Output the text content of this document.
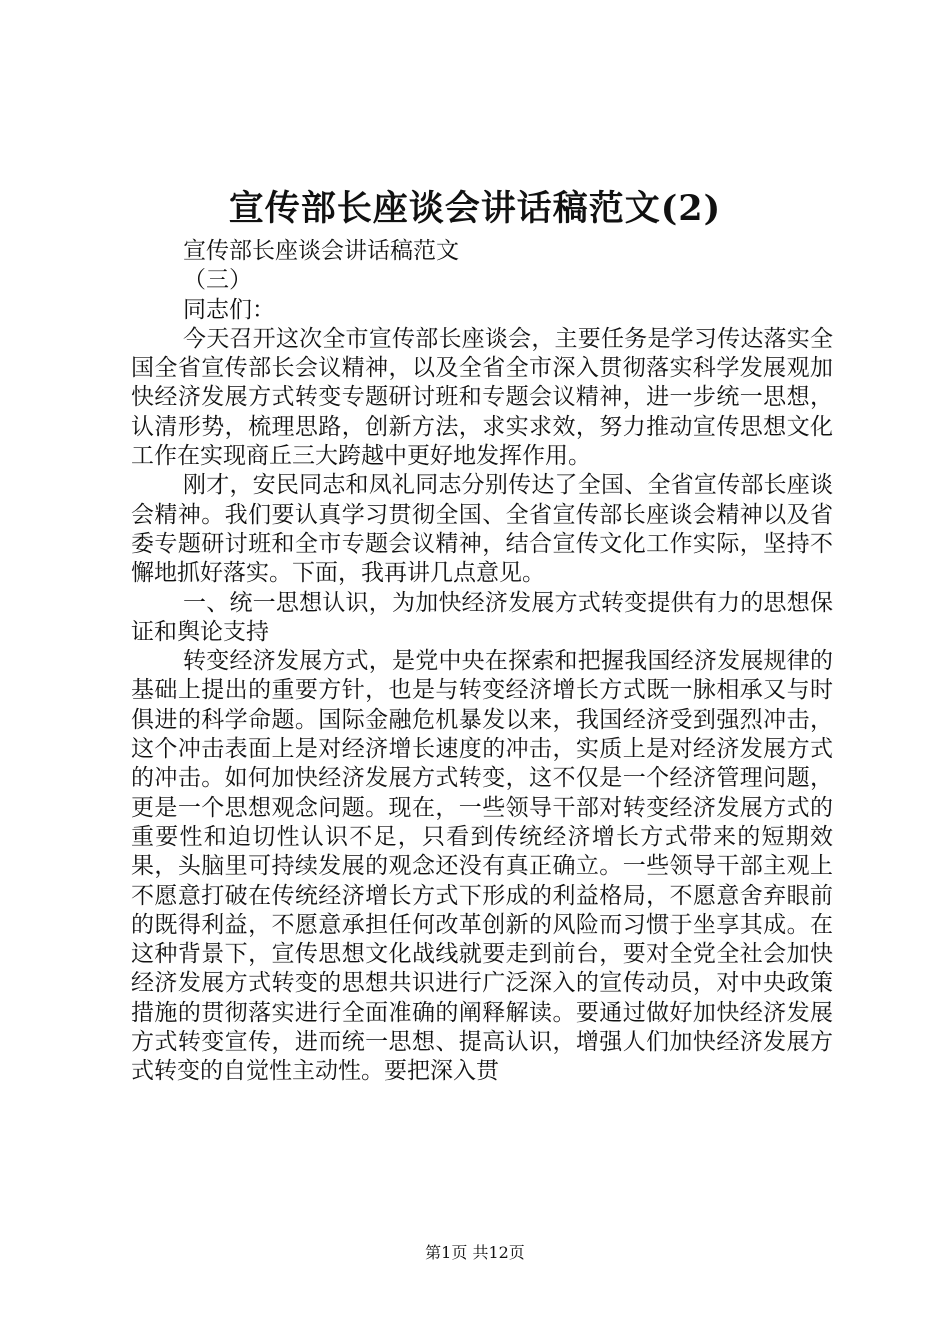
宣传部长座谈会讲话稿范文(2)

宣传部长座谈会讲话稿范文

（三）

同志们：

今天召开这次全市宣传部长座谈会，主要任务是学习传达落实全国全省宣传部长会议精神，以及全省全市深入贯彻落实科学发展观加快经济发展方式转变专题研讨班和专题会议精神，进一步统一思想，认清形势，梳理思路，创新方法，求实求效，努力推动宣传思想文化工作在实现商丘三大跨越中更好地发挥作用。

刚才，安民同志和凤礼同志分别传达了全国、全省宣传部长座谈会精神。我们要认真学习贯彻全国、全省宣传部长座谈会精神以及省委专题研讨班和全市专题会议精神，结合宣传文化工作实际，坚持不懈地抓好落实。下面，我再讲几点意见。

一、统一思想认识，为加快经济发展方式转变提供有力的思想保证和舆论支持

转变经济发展方式，是党中央在探索和把握我国经济发展规律的基础上提出的重要方针，也是与转变经济增长方式既一脉相承又与时俱进的科学命题。国际金融危机暴发以来，我国经济受到强烈冲击，这个冲击表面上是对经济增长速度的冲击，实质上是对经济发展方式的冲击。如何加快经济发展方式转变，这不仅是一个经济管理问题，更是一个思想观念问题。现在，一些领导干部对转变经济发展方式的重要性和迫切性认识不足，只看到传统经济增长方式带来的短期效果，头脑里可持续发展的观念还没有真正确立。一些领导干部主观上不愿意打破在传统经济增长方式下形成的利益格局，不愿意舍弃眼前的既得利益，不愿意承担任何改革创新的风险而习惯于坐享其成。在这种背景下，宣传思想文化战线就要走到前台，要对全党全社会加快经济发展方式转变的思想共识进行广泛深入的宣传动员，对中央政策措施的贯彻落实进行全面准确的阐释解读。要通过做好加快经济发展方式转变宣传，进而统一思想、提高认识，增强人们加快经济发展方式转变的自觉性主动性。要把深入贯

第1页 共12页
